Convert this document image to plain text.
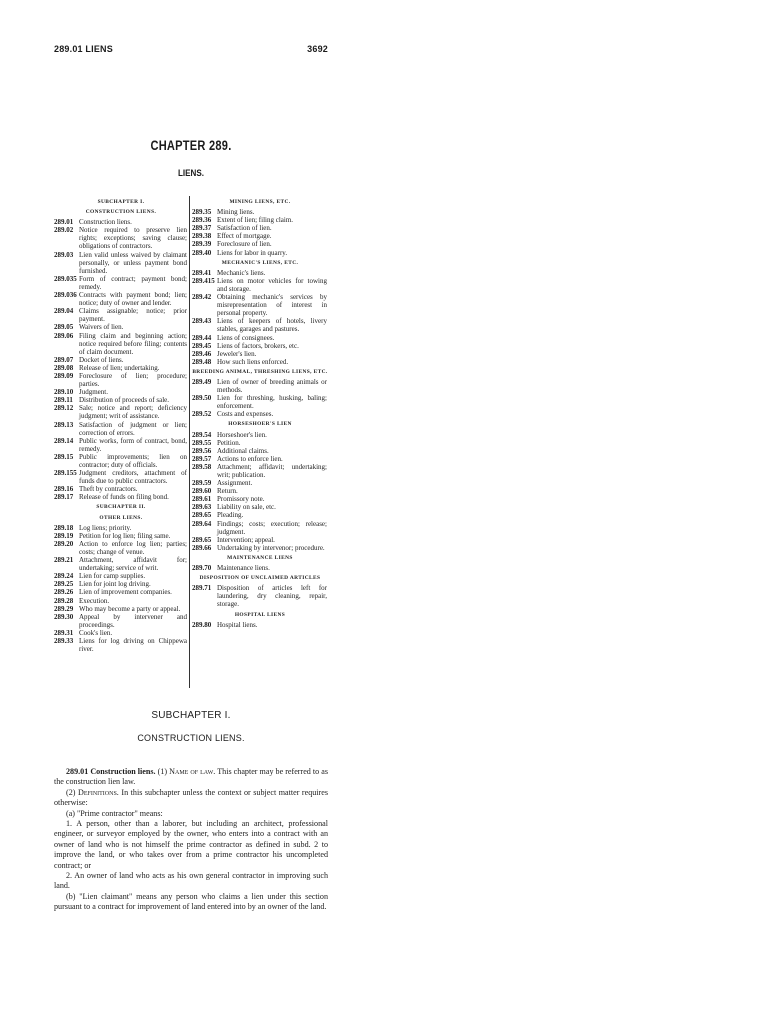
289.01 LIENS	3692
CHAPTER 289.
LIENS.
SUBCHAPTER I.
CONSTRUCTION LIENS.
289.01 Construction liens.
289.02 Notice required to preserve lien rights; exceptions; saving clause; obligations of contractors.
289.03 Lien valid unless waived by claimant personally, or unless payment bond furnished.
289.035 Form of contract; payment bond; remedy.
289.036 Contracts with payment bond; lien; notice; duty of owner and lender.
289.04 Claims assignable; notice; prior payment.
289.05 Waivers of lien.
289.06 Filing claim and beginning action; notice required before filing; contents of claim document.
289.07 Docket of liens.
289.08 Release of lien; undertaking.
289.09 Foreclosure of lien; procedure; parties.
289.10 Judgment.
289.11 Distribution of proceeds of sale.
289.12 Sale; notice and report; deficiency judgment; writ of assistance.
289.13 Satisfaction of judgment or lien; correction of errors.
289.14 Public works, form of contract, bond, remedy.
289.15 Public improvements; lien on contractor; duty of officials.
289.155 Judgment creditors, attachment of funds due to public contractors.
289.16 Theft by contractors.
289.17 Release of funds on filing bond.
SUBCHAPTER II.
OTHER LIENS.
289.18 Log liens; priority.
289.19 Petition for log lien; filing same.
289.20 Action to enforce log lien; parties; costs; change of venue.
289.21 Attachment, affidavit for; undertaking; service of writ.
289.24 Lien for camp supplies.
289.25 Lien for joint log driving.
289.26 Lien of improvement companies.
289.28 Execution.
289.29 Who may become a party or appeal.
289.30 Appeal by intervener and proceedings.
289.31 Cook's lien.
289.33 Liens for log driving on Chippewa river.
MINING LIENS, ETC.
289.35 Mining liens.
289.36 Extent of lien; filing claim.
289.37 Satisfaction of lien.
289.38 Effect of mortgage.
289.39 Foreclosure of lien.
289.40 Liens for labor in quarry.
MECHANIC'S LIENS, ETC.
289.41 Mechanic's liens.
289.415 Liens on motor vehicles for towing and storage.
289.42 Obtaining mechanic's services by misrepresentation of interest in personal property.
289.43 Liens of keepers of hotels, livery stables, garages and pastures.
289.44 Liens of consignees.
289.45 Liens of factors, brokers, etc.
289.46 Jeweler's lien.
289.48 How such liens enforced.
BREEDING ANIMAL, THRESHING LIENS, ETC.
289.49 Lien of owner of breeding animals or methods.
289.50 Lien for threshing, husking, baling; enforcement.
289.52 Costs and expenses.
HORSESHOER'S LIEN
289.54 Horseshoer's lien.
289.55 Petition.
289.56 Additional claims.
289.57 Actions to enforce lien.
289.58 Attachment; affidavit; undertaking; writ; publication.
289.59 Assignment.
289.60 Return.
289.61 Promissory note.
289.63 Liability on sale, etc.
289.65 Pleading.
289.64 Findings; costs; execution; release; judgment.
289.65 Intervention; appeal.
289.66 Undertaking by intervenor; procedure.
MAINTENANCE LIENS
289.70 Maintenance liens.
DISPOSITION OF UNCLAIMED ARTICLES
289.71 Disposition of articles left for laundering, dry cleaning, repair, storage.
HOSPITAL LIENS
289.80 Hospital liens.
SUBCHAPTER I.
CONSTRUCTION LIENS.
289.01 Construction liens. (1) Name of law. This chapter may be referred to as the construction lien law.
(2) Definitions. In this subchapter unless the context or subject matter requires otherwise:
(a) "Prime contractor" means:
1. A person, other than a laborer, but including an architect, professional engineer, or surveyor employed by the owner, who enters into a contract with an owner of land who is not himself the prime contractor as defined in subd. 2 to improve the land, or who takes over from a prime contractor his uncompleted contract; or
2. An owner of land who acts as his own general contractor in improving such land.
(b) "Lien claimant" means any person who claims a lien under this section pursuant to a contract for improvement of land entered into by an owner of the land.
